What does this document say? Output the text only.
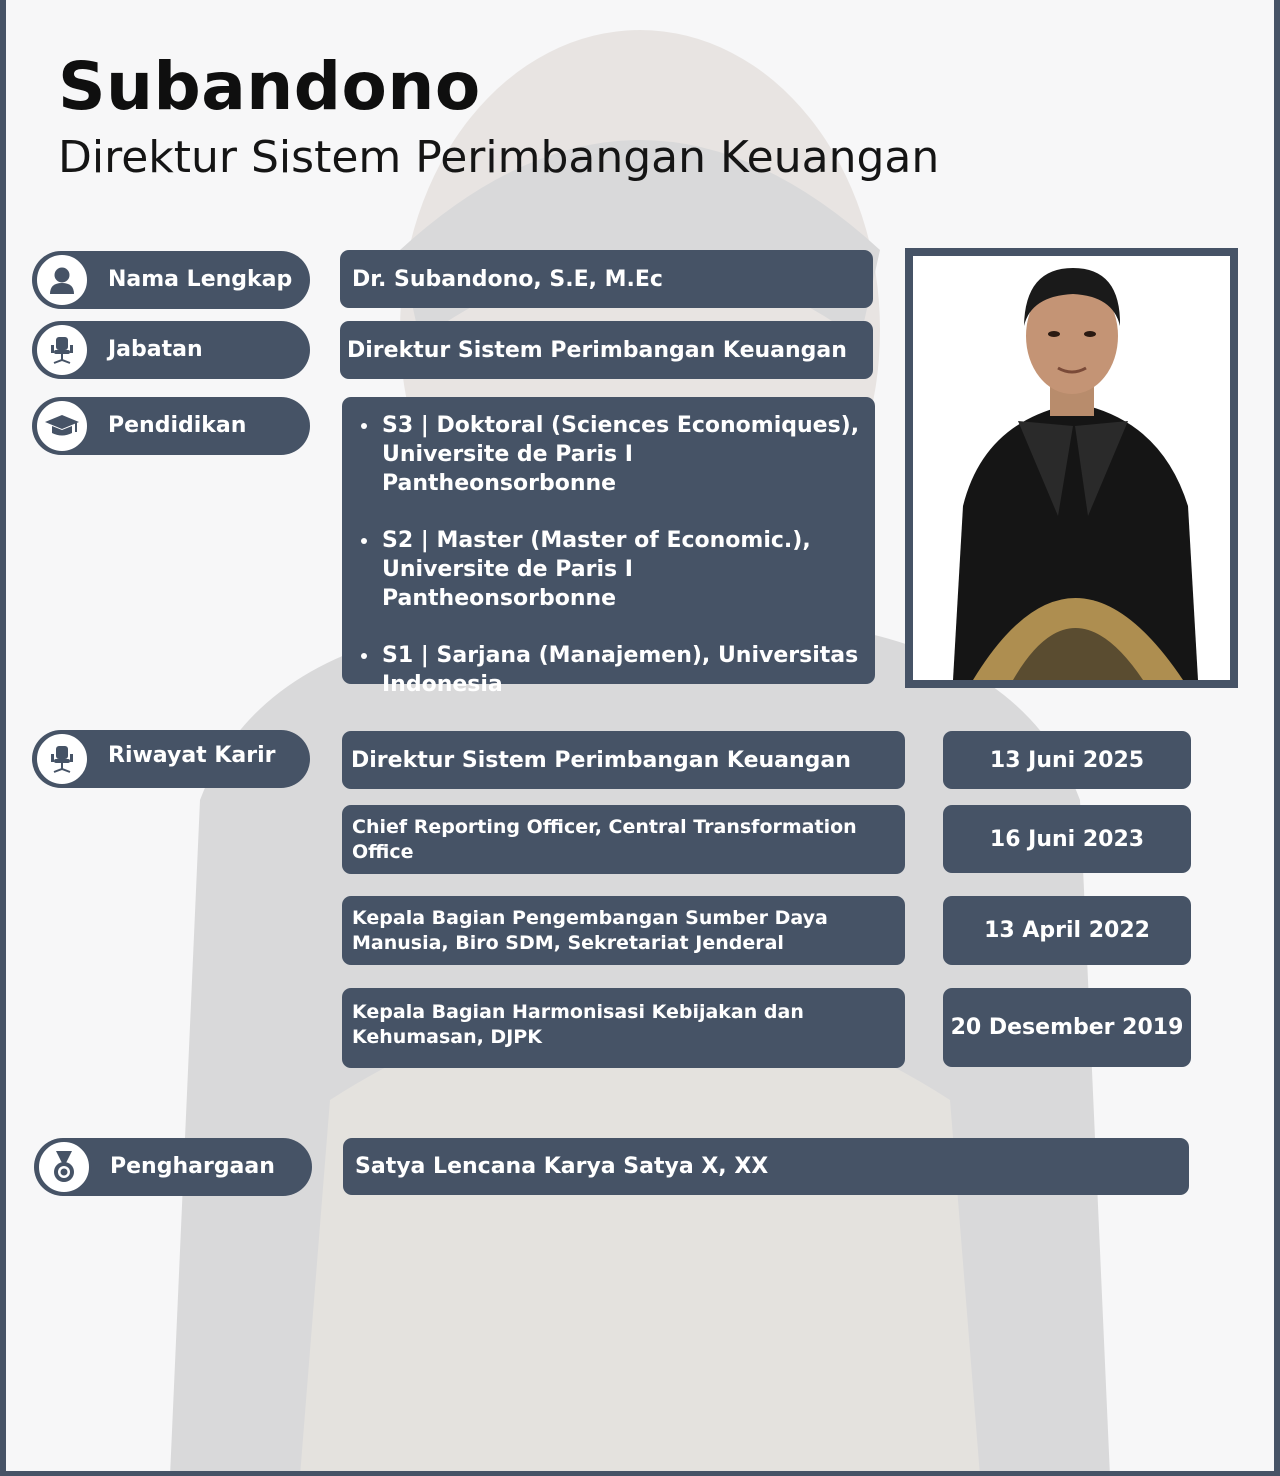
Subandono
Direktur Sistem Perimbangan Keuangan
Nama Lengkap	Dr. Subandono, S.E, M.Ec
Jabatan	Direktur Sistem Perimbangan Keuangan
Pendidikan
•	S3 | Doktoral (Sciences Economiques),
Universite de Paris I Pantheonsorbonne
• S2 | Master (Master of Economic.),
Universite de Paris I Pantheonsorbonne
• S1 | Sarjana (Manajemen), Universitas
Indonesia
Riwayat Karir	Direktur Sistem Perimbangan Keuangan	13 Juni 2025
Chief Reporting Officer, Central Transformation
Office	16 Juni 2023
Kepala Bagian Pengembangan Sumber Daya
Manusia, Biro SDM, Sekretariat Jenderal	13 April 2022
Kepala Bagian Harmonisasi Kebijakan dan
Kehumasan, DJPK	20 Desember 2019
Penghargaan	Satya Lencana Karya Satya X, XX
